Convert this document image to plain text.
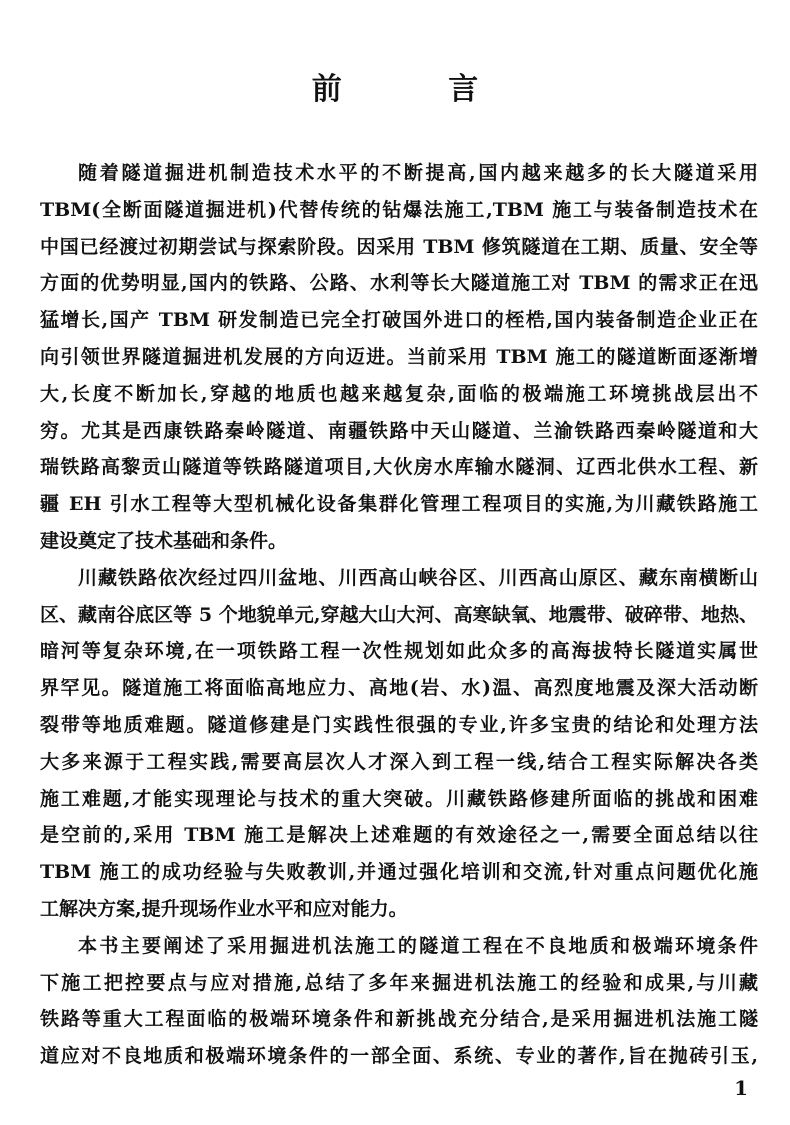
前 言
随着隧道掘进机制造技术水平的不断提高,国内越来越多的长大隧道采用
TBM(全断面隧道掘进机)代替传统的钻爆法施工,TBM 施工与装备制造技术在
中国已经渡过初期尝试与探索阶段。因采用 TBM 修筑隧道在工期、质量、安全等
方面的优势明显,国内的铁路、公路、水利等长大隧道施工对 TBM 的需求正在迅
猛增长,国产 TBM 研发制造已完全打破国外进口的桎梏,国内装备制造企业正在
向引领世界隧道掘进机发展的方向迈进。当前采用 TBM 施工的隧道断面逐渐增
大,长度不断加长,穿越的地质也越来越复杂,面临的极端施工环境挑战层出不
穷。尤其是西康铁路秦岭隧道、南疆铁路中天山隧道、兰渝铁路西秦岭隧道和大
瑞铁路高黎贡山隧道等铁路隧道项目,大伙房水库输水隧洞、辽西北供水工程、新
疆 EH 引水工程等大型机械化设备集群化管理工程项目的实施,为川藏铁路施工
建设奠定了技术基础和条件。
川藏铁路依次经过四川盆地、川西高山峡谷区、川西高山原区、藏东南横断山
区、藏南谷底区等 5 个地貌单元,穿越大山大河、高寒缺氧、地震带、破碎带、地热、
暗河等复杂环境,在一项铁路工程一次性规划如此众多的高海拔特长隧道实属世
界罕见。隧道施工将面临高地应力、高地(岩、水)温、高烈度地震及深大活动断
裂带等地质难题。隧道修建是门实践性很强的专业,许多宝贵的结论和处理方法
大多来源于工程实践,需要高层次人才深入到工程一线,结合工程实际解决各类
施工难题,才能实现理论与技术的重大突破。川藏铁路修建所面临的挑战和困难
是空前的,采用 TBM 施工是解决上述难题的有效途径之一,需要全面总结以往
TBM 施工的成功经验与失败教训,并通过强化培训和交流,针对重点问题优化施
工解决方案,提升现场作业水平和应对能力。
本书主要阐述了采用掘进机法施工的隧道工程在不良地质和极端环境条件
下施工把控要点与应对措施,总结了多年来掘进机法施工的经验和成果,与川藏
铁路等重大工程面临的极端环境条件和新挑战充分结合,是采用掘进机法施工隧
道应对不良地质和极端环境条件的一部全面、系统、专业的著作,旨在抛砖引玉,
1
